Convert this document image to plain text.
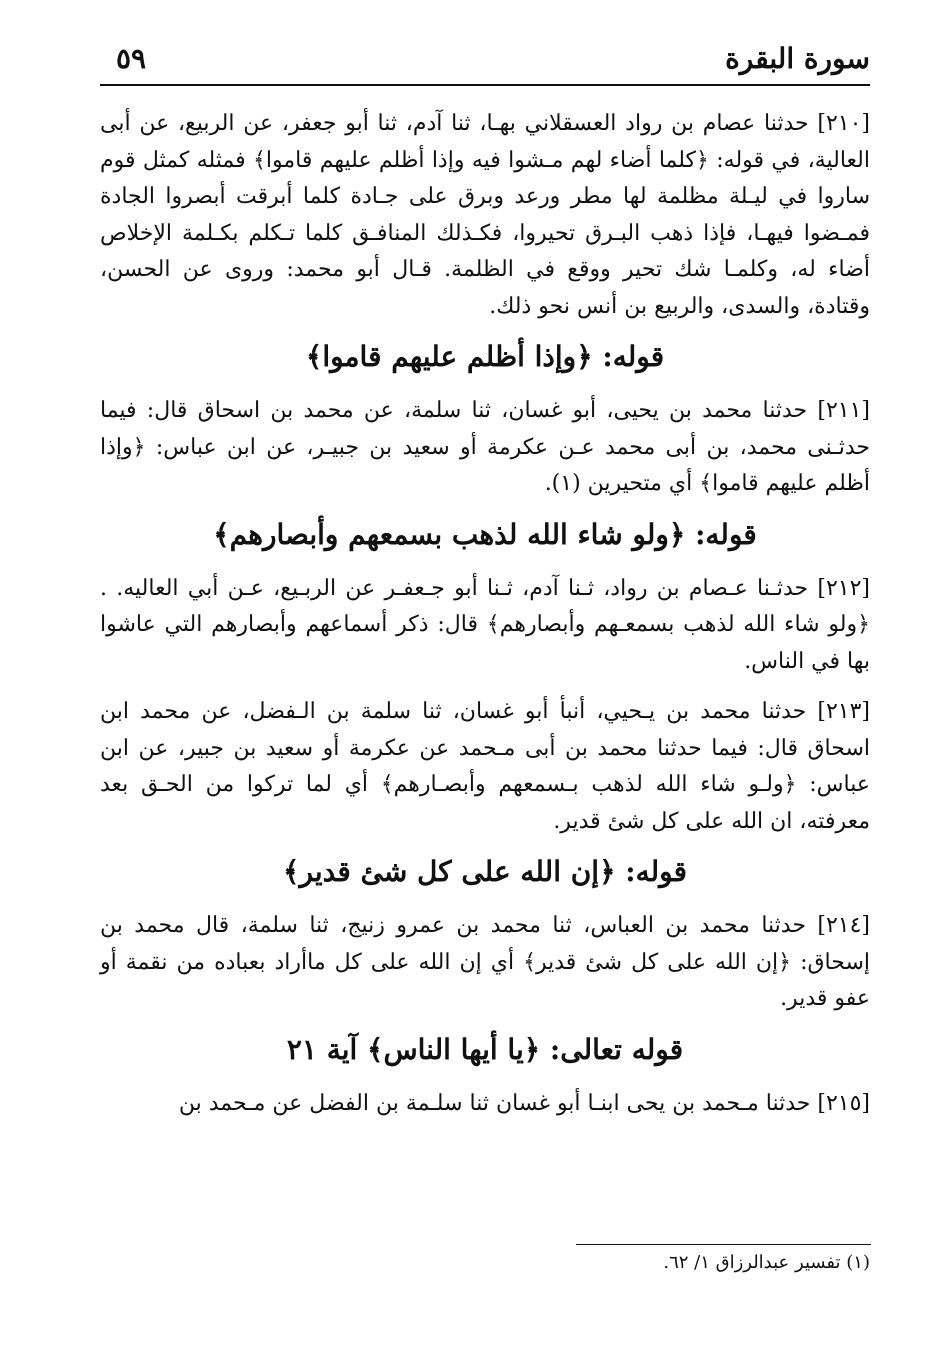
سورة البقرة
٥٩

[٢١٠] حدثنا عصام بن رواد العسقلاني بهـا، ثنا آدم، ثنا أبو جعفر، عن الربيع، عن أبى العالية، في قوله: ﴿كلما أضاء لهم مـشوا فيه وإذا أظلم عليهم قاموا﴾ فمثله كمثل قوم ساروا في ليـلة مظلمة لها مطر ورعد وبرق على جـادة كلما أبرقت أبصروا الجادة فمـضوا فيهـا، فإذا ذهب البـرق تحيروا، فكـذلك المنافـق كلما تـكلم بكـلمة الإخلاص أضاء له، وكلمـا شك تحير ووقع في الظلمة. قـال أبو محمد: وروى عن الحسن، وقتادة، والسدى، والربيع بن أنس نحو ذلك.

قوله: ﴿وإذا أظلم عليهم قاموا﴾

[٢١١] حدثنا محمد بن يحيى، أبو غسان، ثنا سلمة، عن محمد بن اسحاق قال: فيما حدثـنى محمد، بن أبى محمد عـن عكرمة أو سعيد بن جبيـر، عن ابن عباس: ﴿وإذا أظلم عليهم قاموا﴾ أي متحيرين (١).

قوله: ﴿ولو شاء الله لذهب بسمعهم وأبصارهم﴾

[٢١٢] حدثـنا عـصام بن رواد، ثـنا آدم، ثـنا أبو جـعفـر عن الربـيع، عـن أبي العاليه. . ﴿ولو شاء الله لذهب بسمعـهم وأبصارهم﴾ قال: ذكر أسماعهم وأبصارهم التي عاشوا بها في الناس.

[٢١٣] حدثنا محمد بن يـحيي، أنبأ أبو غسان، ثنا سلمة بن الـفضل، عن محمد ابن اسحاق قال: فيما حدثنا محمد بن أبى مـحمد عن عكرمة أو سعيد بن جبير، عن ابن عباس: ﴿ولـو شاء الله لذهب بـسمعهم وأبصـارهم﴾ أي لما تركوا من الحـق بعد معرفته، ان الله على كل شئ قدير.

قوله: ﴿إن الله على كل شئ قدير﴾

[٢١٤] حدثنا محمد بن العباس، ثنا محمد بن عمرو زنيج، ثنا سلمة، قال محمد بن إسحاق: ﴿إن الله على كل شئ قدير﴾ أي إن الله على كل ماأراد بعباده من نقمة أو عفو قدير.

قوله تعالى: ﴿يا أيها الناس﴾ آية ٢١

[٢١٥] حدثنا مـحمد بن يحى ابنـا أبو غسان ثنا سلـمة بن الفضل عن مـحمد بن

(١) تفسير عبدالرزاق ١/ ٦٢.
